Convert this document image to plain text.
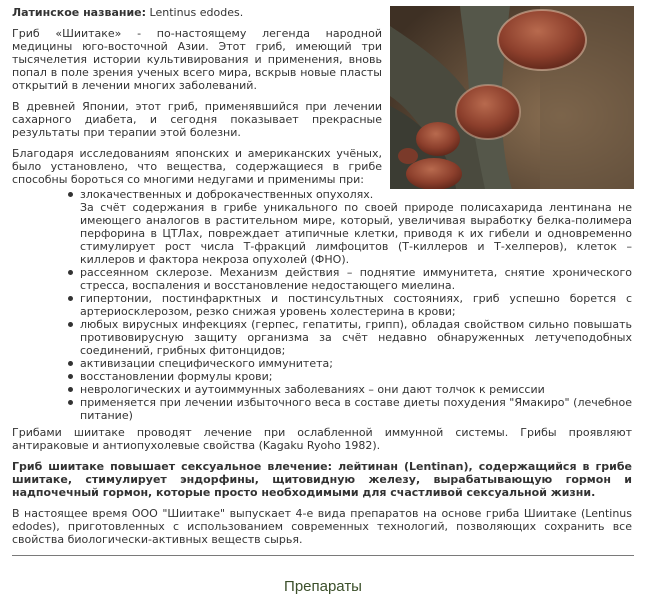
Латинское название: Lentinus edodes.

Гриб «Шиитаке» - по-настоящему легенда народной медицины юго-восточной Азии. Этот гриб, имеющий три тысячелетия истории культивирования и применения, вновь попал в поле зрения ученых всего мира, вскрыв новые пласты открытий в лечении многих заболеваний.

В древней Японии, этот гриб, применявшийся при лечении сахарного диабета, и сегодня показывает прекрасные результаты при терапии этой болезни.

Благодаря исследованиям японских и американских учёных, было установлено, что вещества, содержащиеся в грибе способны бороться со многими недугами и применимы при:

злокачественных и доброкачественных опухолях.
За счёт содержания в грибе уникального по своей природе полисахарида лентинана не имеющего аналогов в растительном мире, который, увеличивая выработку белка-полимера перфорина в ЦТЛах, повреждает атипичные клетки, приводя к их гибели и одновременно стимулирует рост числа Т-фракций лимфоцитов (Т-киллеров и Т-хелперов), клеток – киллеров и фактора некроза опухолей (ФНО).
рассеянном склерозе. Механизм действия – поднятие иммунитета, снятие хронического стресса, воспаления и восстановление недостающего миелина.
гипертонии, постинфарктных и постинсультных состояниях, гриб успешно борется с артериосклерозом, резко снижая уровень холестерина в крови;
любых вирусных инфекциях (герпес, гепатиты, грипп), обладая свойством сильно повышать противовирусную защиту организма за счёт недавно обнаруженных летучеподобных соединений, грибных фитонцидов;
активизации специфического иммунитета;
восстановлении формулы крови;
неврологических и аутоиммунных заболеваниях – они дают толчок к ремиссии
применяется при лечении избыточного веса в составе диеты похудения "Ямакиро" (лечебное питание)

Грибами шиитаке проводят лечение при ослабленной иммунной системы. Грибы проявляют антираковые и антиопухолевые свойства (Kagaku Ryoho 1982).

Гриб шиитаке повышает сексуальное влечение: лейтинан (Lentinan), содержащийся в грибе шиитаке, стимулирует эндорфины, щитовидную железу, вырабатывающую гормон и надпочечный гормон, которые просто необходимыми для счастливой сексуальной жизни.

В настоящее время ООО "Шиитаке" выпускает 4-е вида препаратов на основе гриба Шиитаке (Lentinus edodes), приготовленных с использованием современных технологий, позволяющих сохранить все свойства биологически-активных веществ сырья.

Препараты
